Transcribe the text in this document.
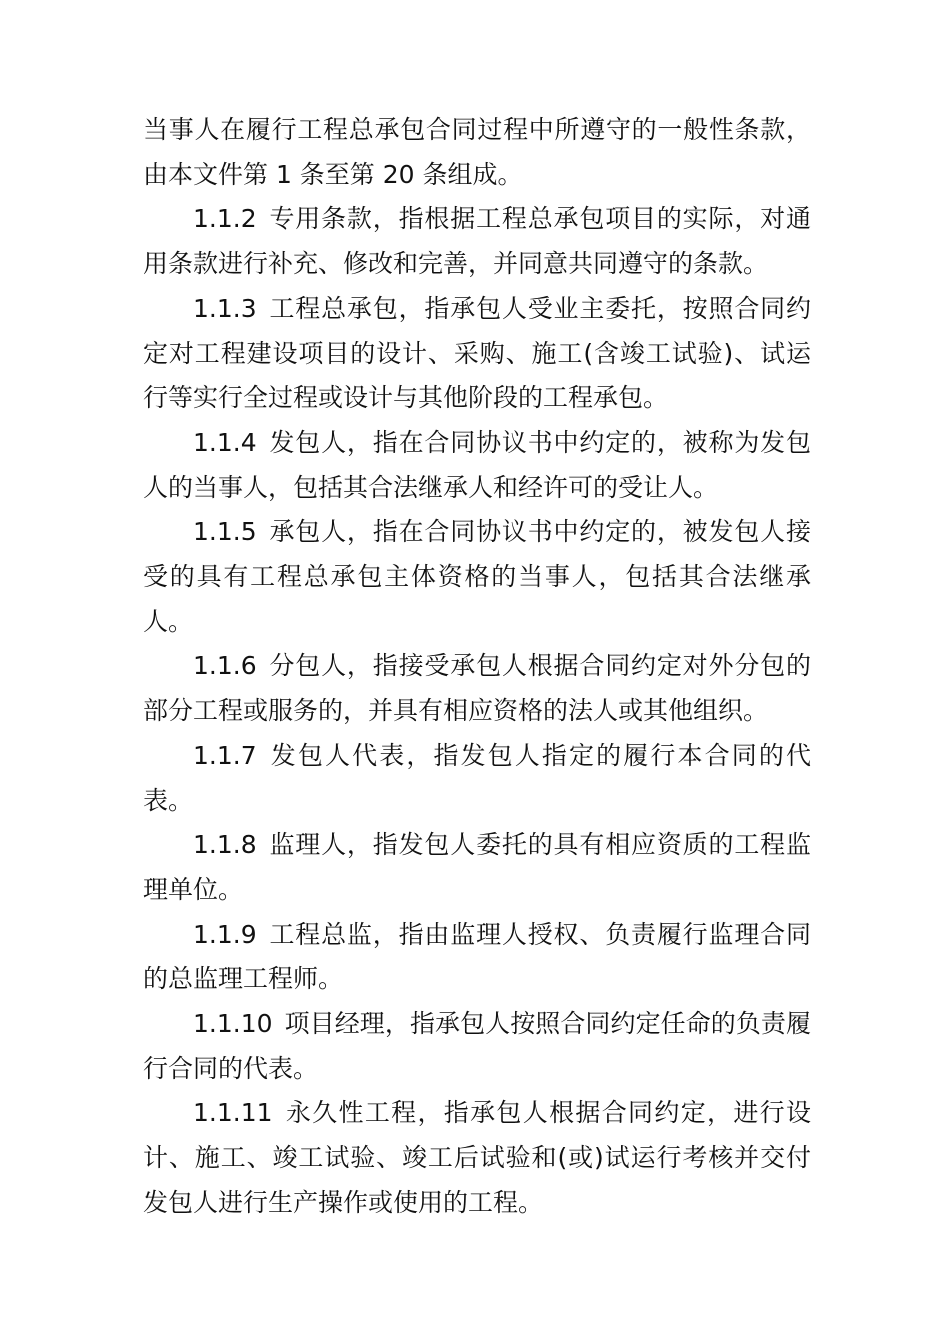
当事人在履行工程总承包合同过程中所遵守的一般性条款，由本文件第 1 条至第 20 条组成。

1.1.2 专用条款，指根据工程总承包项目的实际，对通用条款进行补充、修改和完善，并同意共同遵守的条款。

1.1.3 工程总承包，指承包人受业主委托，按照合同约定对工程建设项目的设计、采购、施工(含竣工试验)、试运行等实行全过程或设计与其他阶段的工程承包。

1.1.4 发包人，指在合同协议书中约定的，被称为发包人的当事人，包括其合法继承人和经许可的受让人。

1.1.5 承包人，指在合同协议书中约定的，被发包人接受的具有工程总承包主体资格的当事人，包括其合法继承人。

1.1.6 分包人，指接受承包人根据合同约定对外分包的部分工程或服务的，并具有相应资格的法人或其他组织。

1.1.7 发包人代表，指发包人指定的履行本合同的代表。

1.1.8 监理人，指发包人委托的具有相应资质的工程监理单位。

1.1.9 工程总监，指由监理人授权、负责履行监理合同的总监理工程师。

1.1.10 项目经理，指承包人按照合同约定任命的负责履行合同的代表。

1.1.11 永久性工程，指承包人根据合同约定，进行设计、施工、竣工试验、竣工后试验和(或)试运行考核并交付发包人进行生产操作或使用的工程。
